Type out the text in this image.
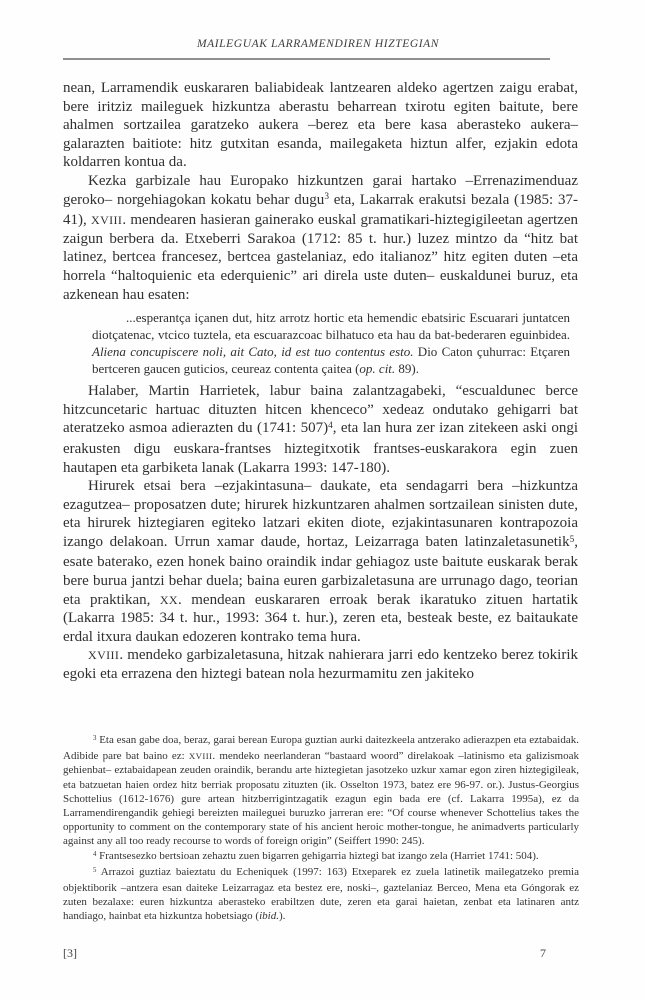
MAILEGUAK LARRAMENDIREN HIZTEGIAN

nean, Larramendik euskararen baliabideak lantzearen aldeko agertzen zaigu erabat, bere iritziz maileguek hizkuntza aberastu beharrean txirotu egiten baitute, bere ahalmen sortzailea garatzeko aukera –berez eta bere kasa aberasteko aukera– galarazten baitiote: hitz gutxitan esanda, mailegaketa hiztun alfer, ezjakin edota koldarren kontua da.

Kezka garbizale hau Europako hizkuntzen garai hartako –Errenazimenduaz geroko– norgehiagokan kokatu behar dugu$^3$ eta, Lakarrak erakutsi bezala (1985: 37-41), XVIII. mendearen hasieran gainerako euskal gramatikari-hiztegigileetan agertzen zaigun berbera da. Etxeberri Sarakoa (1712: 85 t. hur.) luzez mintzo da “hitz bat latinez, bertcea francesez, bertcea gastelaniaz, edo italianoz” hitz egiten duten –eta horrela “haltoquienic eta ederquienic” ari direla uste duten– euskaldunei buruz, eta azkenean hau esaten:

...esperantça içanen dut, hitz arrotz hortic eta hemendic ebatsiric Escuarari juntatcen diotçatenac, vtcico tuztela, eta escuarazcoac bilhatuco eta hau da bat-bederaren eguinbidea. Aliena concupiscere noli, ait Cato, id est tuo contentus esto. Dio Caton çuhurrac: Etçaren bertceren gaucen guticios, ceureaz contenta çaitea (op. cit. 89).

Halaber, Martin Harrietek, labur baina zalantzagabeki, “escualdunec berce hitzcuncetaric hartuac dituzten hitcen khenceco” xedeaz ondutako gehigarri bat ateratzeko asmoa adierazten du (1741: 507)$^4$, eta lan hura zer izan zitekeen aski ongi erakusten digu euskara-frantses hiztegitxotik frantses-euskarakora egin zuen hautapen eta garbiketa lanak (Lakarra 1993: 147-180).

Hirurek etsai bera –ezjakintasuna– daukate, eta sendagarri bera –hizkuntza ezagutzea– proposatzen dute; hirurek hizkuntzaren ahalmen sortzailean sinisten dute, eta hirurek hiztegiaren egiteko latzari ekiten diote, ezjakintasunaren kontrapozoia izango delakoan. Urrun xamar daude, hortaz, Leizarraga baten latinzaletasunetik$^5$, esate baterako, ezen honek baino oraindik indar gehiagoz uste baitute euskarak berak bere burua jantzi behar duela; baina euren garbizaletasuna are urrunago dago, teorian eta praktikan, XX. mendean euskararen erroak berak ikaratuko zituen hartatik (Lakarra 1985: 34 t. hur., 1993: 364 t. hur.), zeren eta, besteak beste, ez baitaukate erdal itxura daukan edozeren kontrako tema hura.

XVIII. mendeko garbizaletasuna, hitzak nahierara jarri edo kentzeko berez tokirik egoki eta errazena den hiztegi batean nola hezurmamitu zen jakiteko

$^3$ Eta esan gabe doa, beraz, garai berean Europa guztian aurki daitezkeela antzerako adierazpen eta eztabaidak. Adibide pare bat baino ez: XVIII. mendeko neerlanderan “bastaard woord” direlakoak –latinismo eta galizismoak gehienbat– eztabaidapean zeuden oraindik, berandu arte hiztegietan jasotzeko uzkur xamar egon ziren hiztegigileak, eta batzuetan haien ordez hitz berriak proposatu zituzten (ik. Osselton 1973, batez ere 96-97. or.). Justus-Georgius Schottelius (1612-1676) gure artean hitzberrigintzagatik ezagun egin bada ere (cf. Lakarra 1995a), ez da Larramendirengandik gehiegi bereizten maileguei buruzko jarreran ere: “Of course whenever Schottelius takes the opportunity to comment on the contemporary state of his ancient heroic mother-tongue, he animadverts particularly against any all too ready recourse to words of foreign origin” (Seiffert 1990: 245).

$^4$ Frantsesezko bertsioan zehaztu zuen bigarren gehigarria hiztegi bat izango zela (Harriet 1741: 504).

$^5$ Arrazoi guztiaz baieztatu du Echeniquek (1997: 163) Etxeparek ez zuela latinetik mailegatzeko premia objektiborik –antzera esan daiteke Leizarragaz eta bestez ere, noski–, gaztelaniaz Berceo, Mena eta Góngorak ez zuten bezalaxe: euren hizkuntza aberasteko erabiltzen dute, zeren eta garai haietan, zenbat eta latinaren antz handiago, hainbat eta hizkuntza hobetsiago (ibid.).

[3]	7
